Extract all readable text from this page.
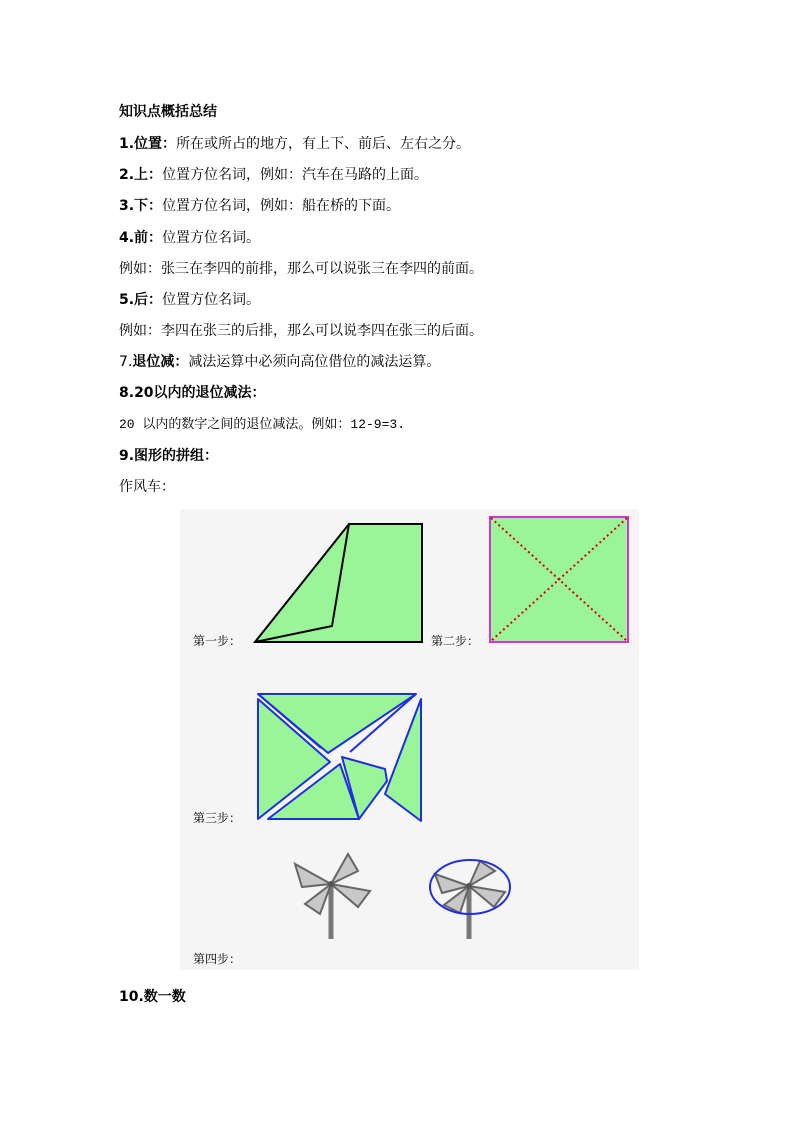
知识点概括总结
1.位置：所在或所占的地方，有上下、前后、左右之分。
2.上：位置方位名词，例如：汽车在马路的上面。
3.下：位置方位名词，例如：船在桥的下面。
4.前：位置方位名词。
例如：张三在李四的前排，那么可以说张三在李四的前面。
5.后：位置方位名词。
例如：李四在张三的后排，那么可以说李四在张三的后面。
7.退位减：减法运算中必须向高位借位的减法运算。
8.20以内的退位减法：
20 以内的数字之间的退位减法。例如：12-9=3.
9.图形的拼组：
作风车：
第一步：	第二步：
第三步：
第四步：
10.数一数
